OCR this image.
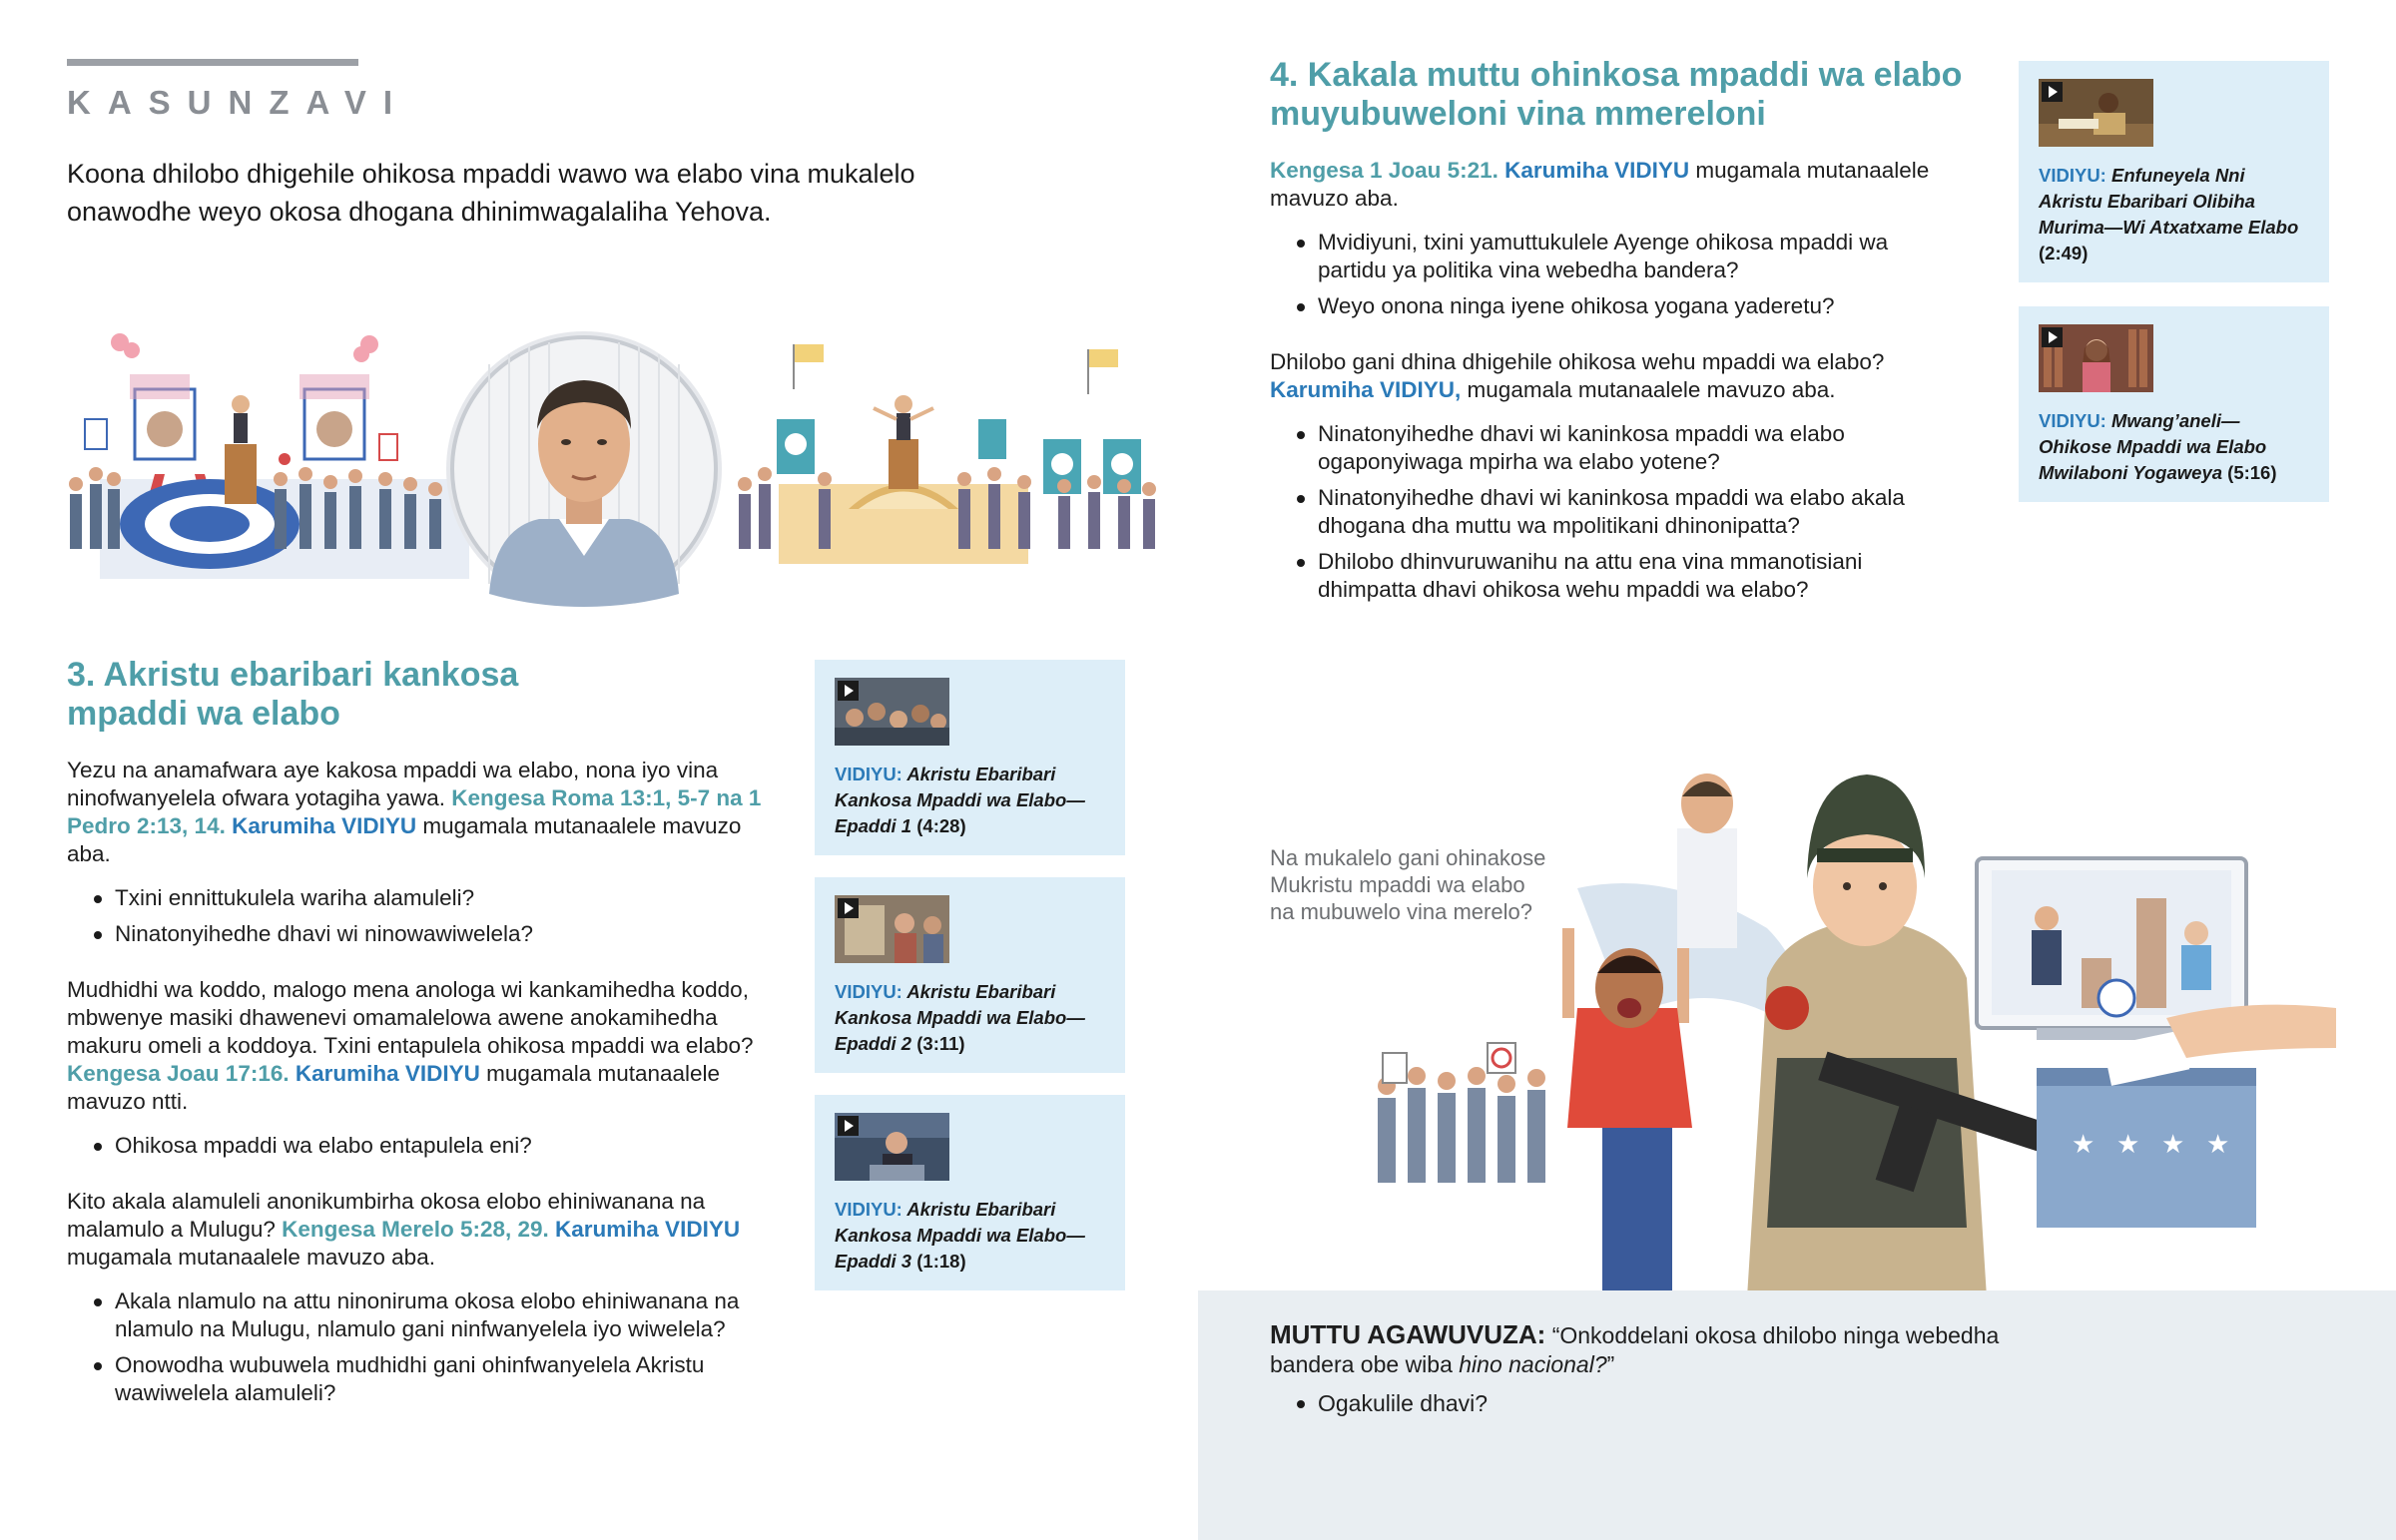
KASUNZAVI

Koona dhilobo dhigehile ohikosa mpaddi wawo wa elabo vina mukalelo onawodhe weyo okosa dhogana dhinimwagalaliha Yehova.

3. Akristu ebaribari kankosa mpaddi wa elabo

Yezu na anamafwara aye kakosa mpaddi wa elabo, nona iyo vina ninofwanyelela ofwara yotagiha yawa. Kengesa Roma 13:1, 5-7 na 1 Pedro 2:13, 14. Karumiha VIDIYU mugamala mutanaalele mavuzo aba.

Txini ennittukulela wariha alamuleli?
Ninatonyihedhe dhavi wi ninowawiwelela?

Mudhidhi wa koddo, malogo mena anologa wi kankamihedha koddo, mbwenye masiki dhawenevi omamalelowa awene anokamihedha makuru omeli a koddoya. Txini entapulela ohikosa mpaddi wa elabo? Kengesa Joau 17:16. Karumiha VIDIYU mugamala mutanaalele mavuzo ntti.

Ohikosa mpaddi wa elabo entapulela eni?

Kito akala alamuleli anonikumbirha okosa elobo ehiniwanana na malamulo a Mulugu? Kengesa Merelo 5:28, 29. Karumiha VIDIYU mugamala mutanaalele mavuzo aba.

Akala nlamulo na attu ninoniruma okosa elobo ehiniwanana na nlamulo na Mulugu, nlamulo gani ninfwanyelela iyo wiwelela?
Onowodha wubuwela mudhidhi gani ohinfwanyelela Akristu wawiwelela alamuleli?
VIDIYU: Akristu Ebaribari Kankosa Mpaddi wa Elabo—Epaddi 1 (4:28)
VIDIYU: Akristu Ebaribari Kankosa Mpaddi wa Elabo—Epaddi 2 (3:11)
VIDIYU: Akristu Ebaribari Kankosa Mpaddi wa Elabo—Epaddi 3 (1:18)
4. Kakala muttu ohinkosa mpaddi wa elabo muyubuweloni vina mmereloni

Kengesa 1 Joau 5:21. Karumiha VIDIYU mugamala mutanaalele mavuzo aba.

Mvidiyuni, txini yamuttukulele Ayenge ohikosa mpaddi wa partidu ya politika vina webedha bandera?
Weyo onona ninga iyene ohikosa yogana yaderetu?

Dhilobo gani dhina dhigehile ohikosa wehu mpaddi wa elabo? Karumiha VIDIYU, mugamala mutanaalele mavuzo aba.

Ninatonyihedhe dhavi wi kaninkosa mpaddi wa elabo ogaponyiwaga mpirha wa elabo yotene?
Ninatonyihedhe dhavi wi kaninkosa mpaddi wa elabo akala dhogana dha muttu wa mpolitikani dhinonipatta?
Dhilobo dhinvuruwanihu na attu ena vina mmanotisiani dhimpatta dhavi ohikosa wehu mpaddi wa elabo?
VIDIYU: Enfuneyela Nni Akristu Ebaribari Olibiha Murima—Wi Atxatxame Elabo (2:49)
VIDIYU: Mwang’aneli—Ohikose Mpaddi wa Elabo Mwilaboni Yogaweya (5:16)

Na mukalelo gani ohinakose Mukristu mpaddi wa elabo na mubuwelo vina merelo?

★ ★ ★ ★
MUTTU AGAWUVUZA: “Onkoddelani okosa dhilobo ninga webedha bandera obe wiba hino nacional?”
Ogakulile dhavi?
